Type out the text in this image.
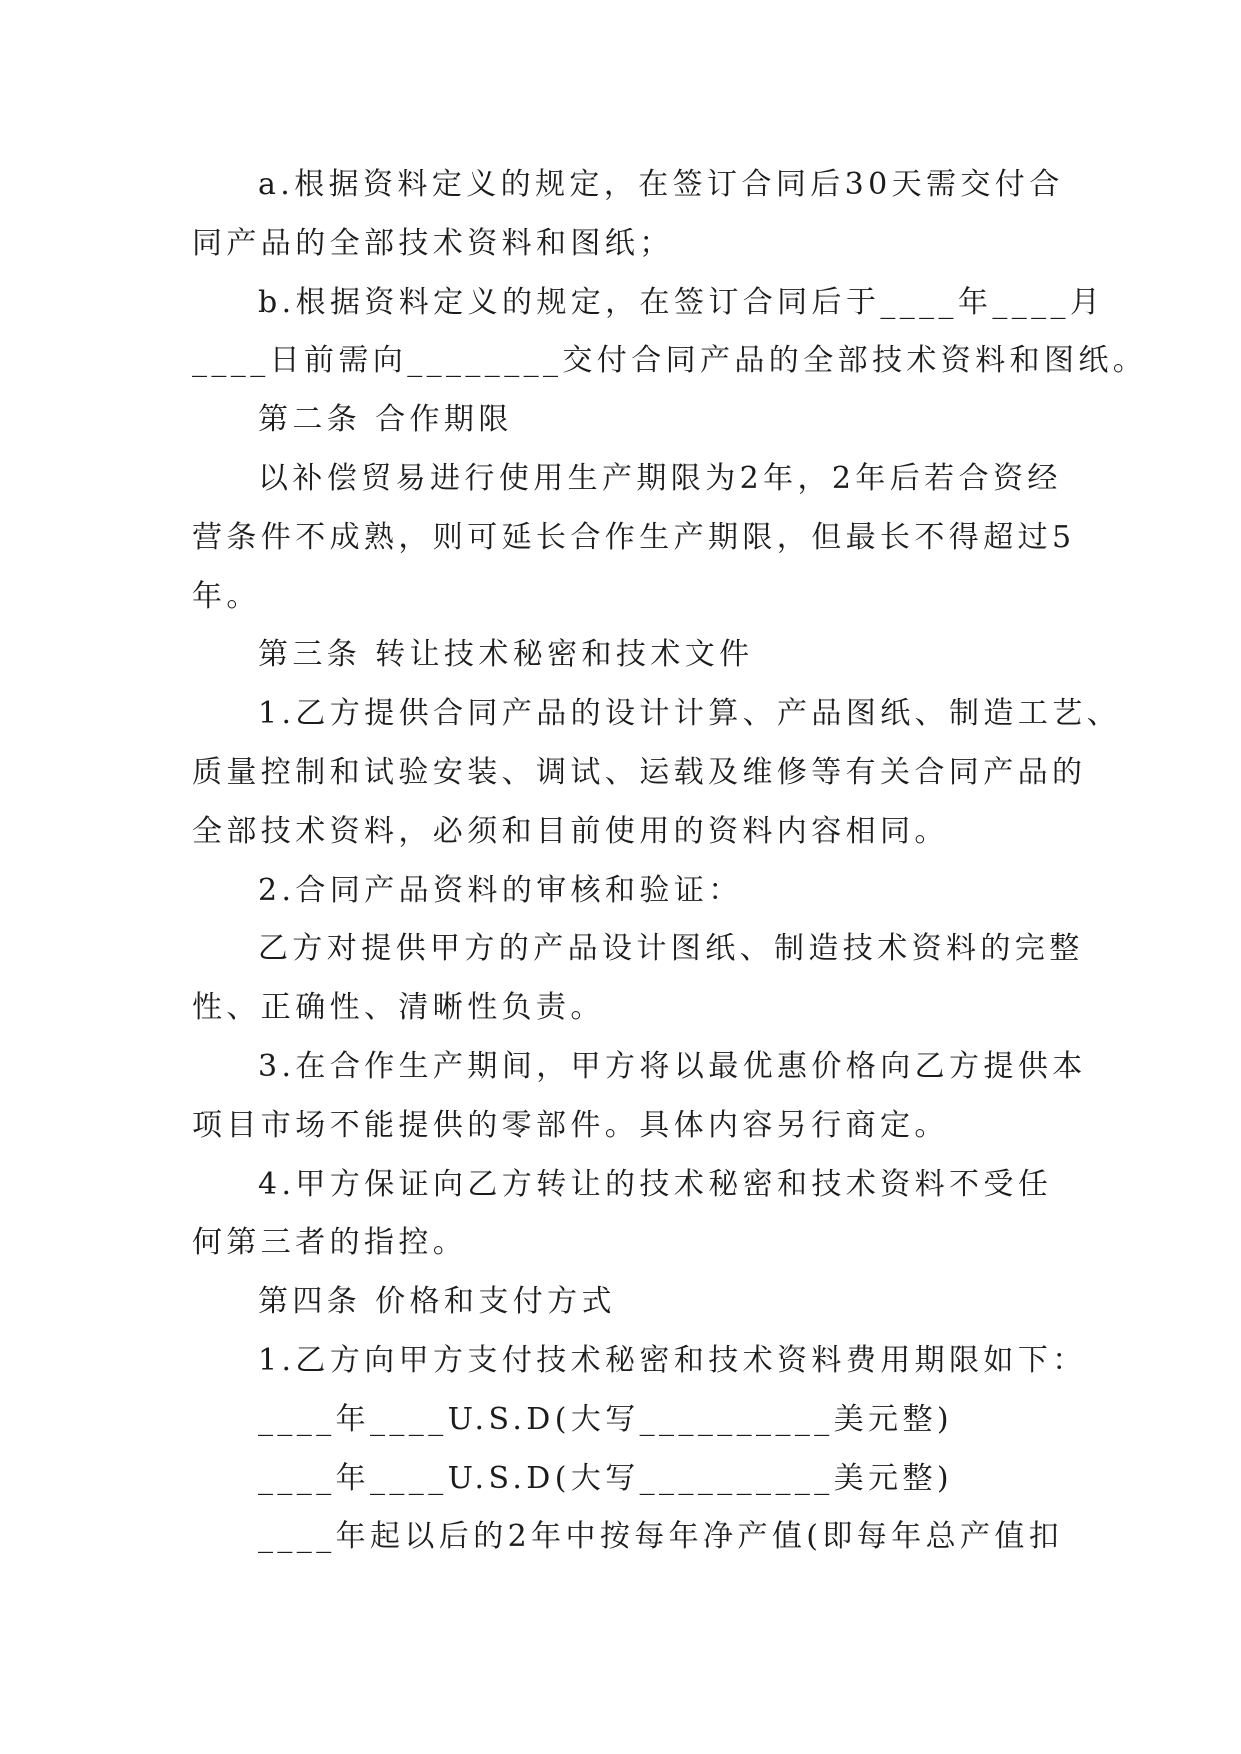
a.根据资料定义的规定，在签订合同后30天需交付合

同产品的全部技术资料和图纸；

b.根据资料定义的规定，在签订合同后于____年____月

____日前需向________交付合同产品的全部技术资料和图纸。

第二条 合作期限

以补偿贸易进行使用生产期限为2年，2年后若合资经

营条件不成熟，则可延长合作生产期限，但最长不得超过5

年。

第三条 转让技术秘密和技术文件

1.乙方提供合同产品的设计计算、产品图纸、制造工艺、

质量控制和试验安装、调试、运载及维修等有关合同产品的

全部技术资料，必须和目前使用的资料内容相同。

2.合同产品资料的审核和验证：

乙方对提供甲方的产品设计图纸、制造技术资料的完整

性、正确性、清晰性负责。

3.在合作生产期间，甲方将以最优惠价格向乙方提供本

项目市场不能提供的零部件。具体内容另行商定。

4.甲方保证向乙方转让的技术秘密和技术资料不受任

何第三者的指控。

第四条 价格和支付方式

1.乙方向甲方支付技术秘密和技术资料费用期限如下：

____年____U.S.D(大写__________美元整)

____年____U.S.D(大写__________美元整)

____年起以后的2年中按每年净产值(即每年总产值扣
